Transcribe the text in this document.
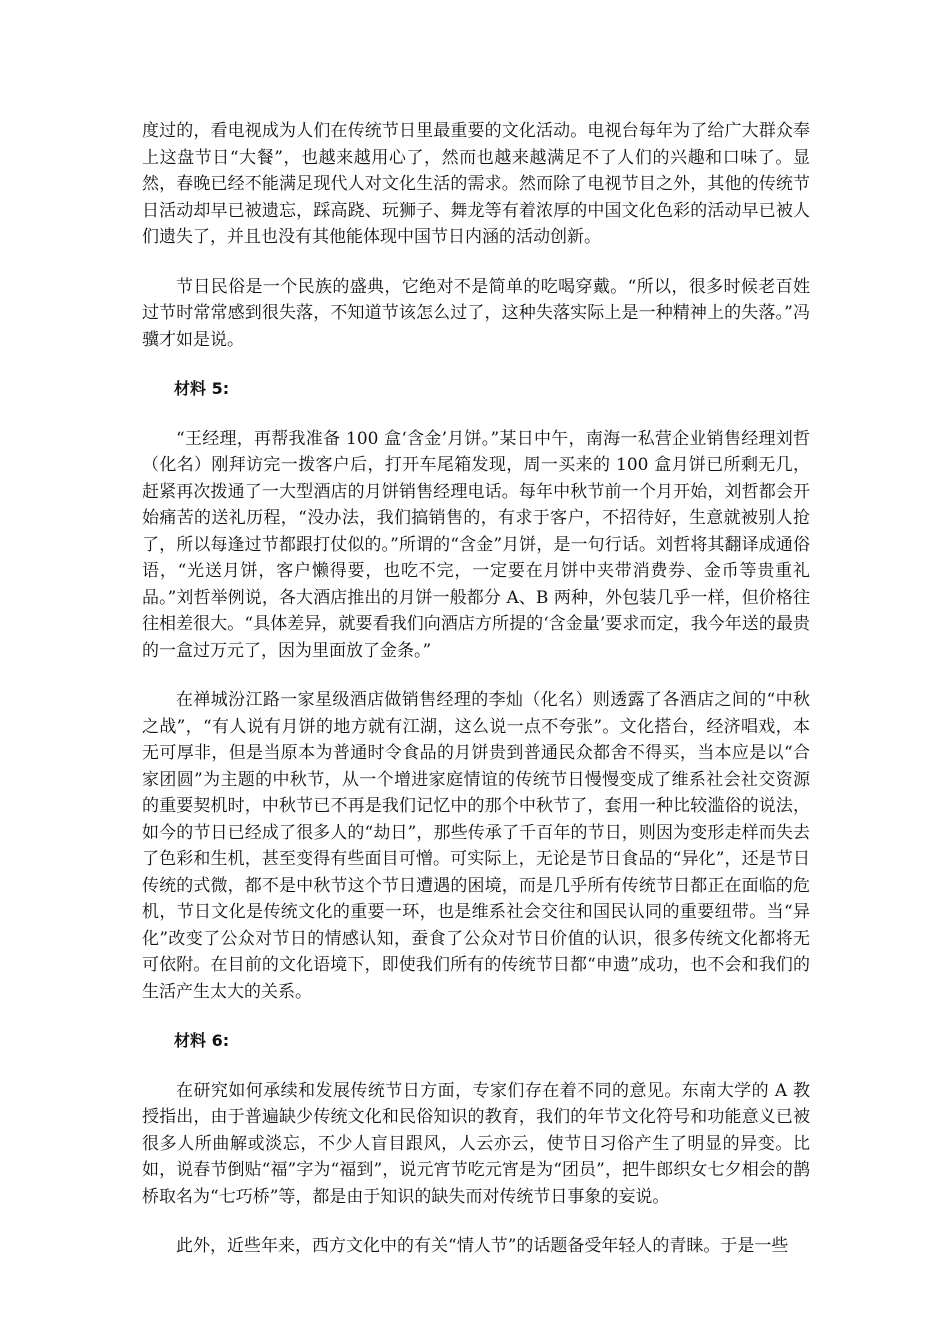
度过的，看电视成为人们在传统节日里最重要的文化活动。电视台每年为了给广大群众奉上这盘节日“大餐”，也越来越用心了，然而也越来越满足不了人们的兴趣和口味了。显然，春晚已经不能满足现代人对文化生活的需求。然而除了电视节目之外，其他的传统节日活动却早已被遗忘，踩高跷、玩狮子、舞龙等有着浓厚的中国文化色彩的活动早已被人们遗失了，并且也没有其他能体现中国节日内涵的活动创新。

节日民俗是一个民族的盛典，它绝对不是简单的吃喝穿戴。“所以，很多时候老百姓过节时常常感到很失落，不知道节该怎么过了，这种失落实际上是一种精神上的失落。”冯骥才如是说。

材料 5:

“王经理，再帮我准备 100 盒‘含金’月饼。”某日中午，南海一私营企业销售经理刘哲（化名）刚拜访完一拨客户后，打开车尾箱发现，周一买来的 100 盒月饼已所剩无几，赶紧再次拨通了一大型酒店的月饼销售经理电话。每年中秋节前一个月开始，刘哲都会开始痛苦的送礼历程，“没办法，我们搞销售的，有求于客户，不招待好，生意就被别人抢了，所以每逢过节都跟打仗似的。”所谓的“含金”月饼，是一句行话。刘哲将其翻译成通俗语，“光送月饼，客户懒得要，也吃不完，一定要在月饼中夹带消费券、金币等贵重礼品。”刘哲举例说，各大酒店推出的月饼一般都分 A、B 两种，外包装几乎一样，但价格往往相差很大。“具体差异，就要看我们向酒店方所提的‘含金量’要求而定，我今年送的最贵的一盒过万元了，因为里面放了金条。”

在禅城汾江路一家星级酒店做销售经理的李灿（化名）则透露了各酒店之间的“中秋之战”，“有人说有月饼的地方就有江湖，这么说一点不夸张”。文化搭台，经济唱戏，本无可厚非，但是当原本为普通时令食品的月饼贵到普通民众都舍不得买，当本应是以“合家团圆”为主题的中秋节，从一个增进家庭情谊的传统节日慢慢变成了维系社会社交资源的重要契机时，中秋节已不再是我们记忆中的那个中秋节了，套用一种比较滥俗的说法，如今的节日已经成了很多人的“劫日”，那些传承了千百年的节日，则因为变形走样而失去了色彩和生机，甚至变得有些面目可憎。可实际上，无论是节日食品的“异化”，还是节日传统的式微，都不是中秋节这个节日遭遇的困境，而是几乎所有传统节日都正在面临的危机，节日文化是传统文化的重要一环，也是维系社会交往和国民认同的重要纽带。当“异化”改变了公众对节日的情感认知，蚕食了公众对节日价值的认识，很多传统文化都将无可依附。在目前的文化语境下，即使我们所有的传统节日都“申遗”成功，也不会和我们的生活产生太大的关系。

材料 6:

在研究如何承续和发展传统节日方面，专家们存在着不同的意见。东南大学的 A 教授指出，由于普遍缺少传统文化和民俗知识的教育，我们的年节文化符号和功能意义已被很多人所曲解或淡忘，不少人盲目跟风，人云亦云，使节日习俗产生了明显的异变。比如，说春节倒贴“福”字为“福到”，说元宵节吃元宵是为“团员”，把牛郎织女七夕相会的鹊桥取名为“七巧桥”等，都是由于知识的缺失而对传统节日事象的妄说。

此外，近些年来，西方文化中的有关“情人节”的话题备受年轻人的青睐。于是一些
